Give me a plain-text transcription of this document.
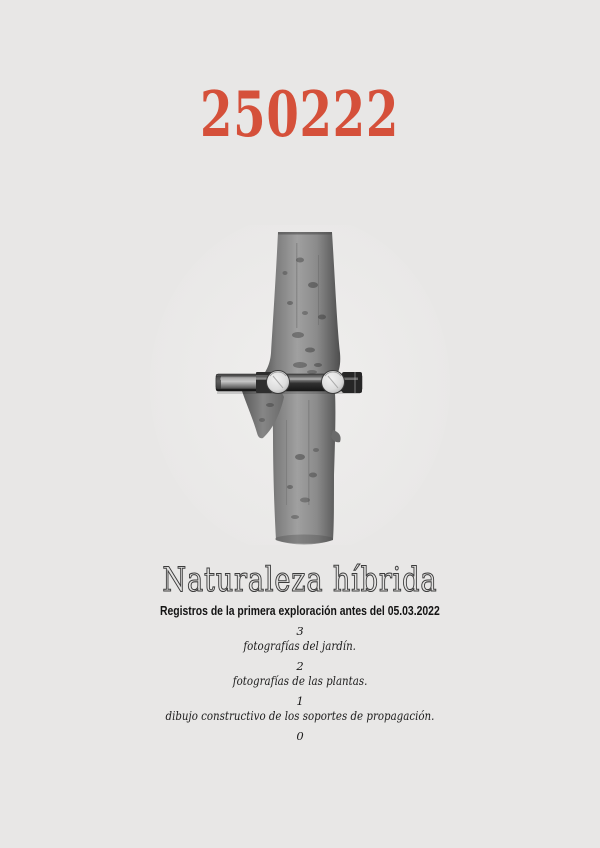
250222
Naturaleza híbrida
Registros de la primera exploración antes del 05.03.2022
3
fotografías del jardín.
2
fotografías de las plantas.
1
dibujo constructivo de los soportes de propagación.
0
